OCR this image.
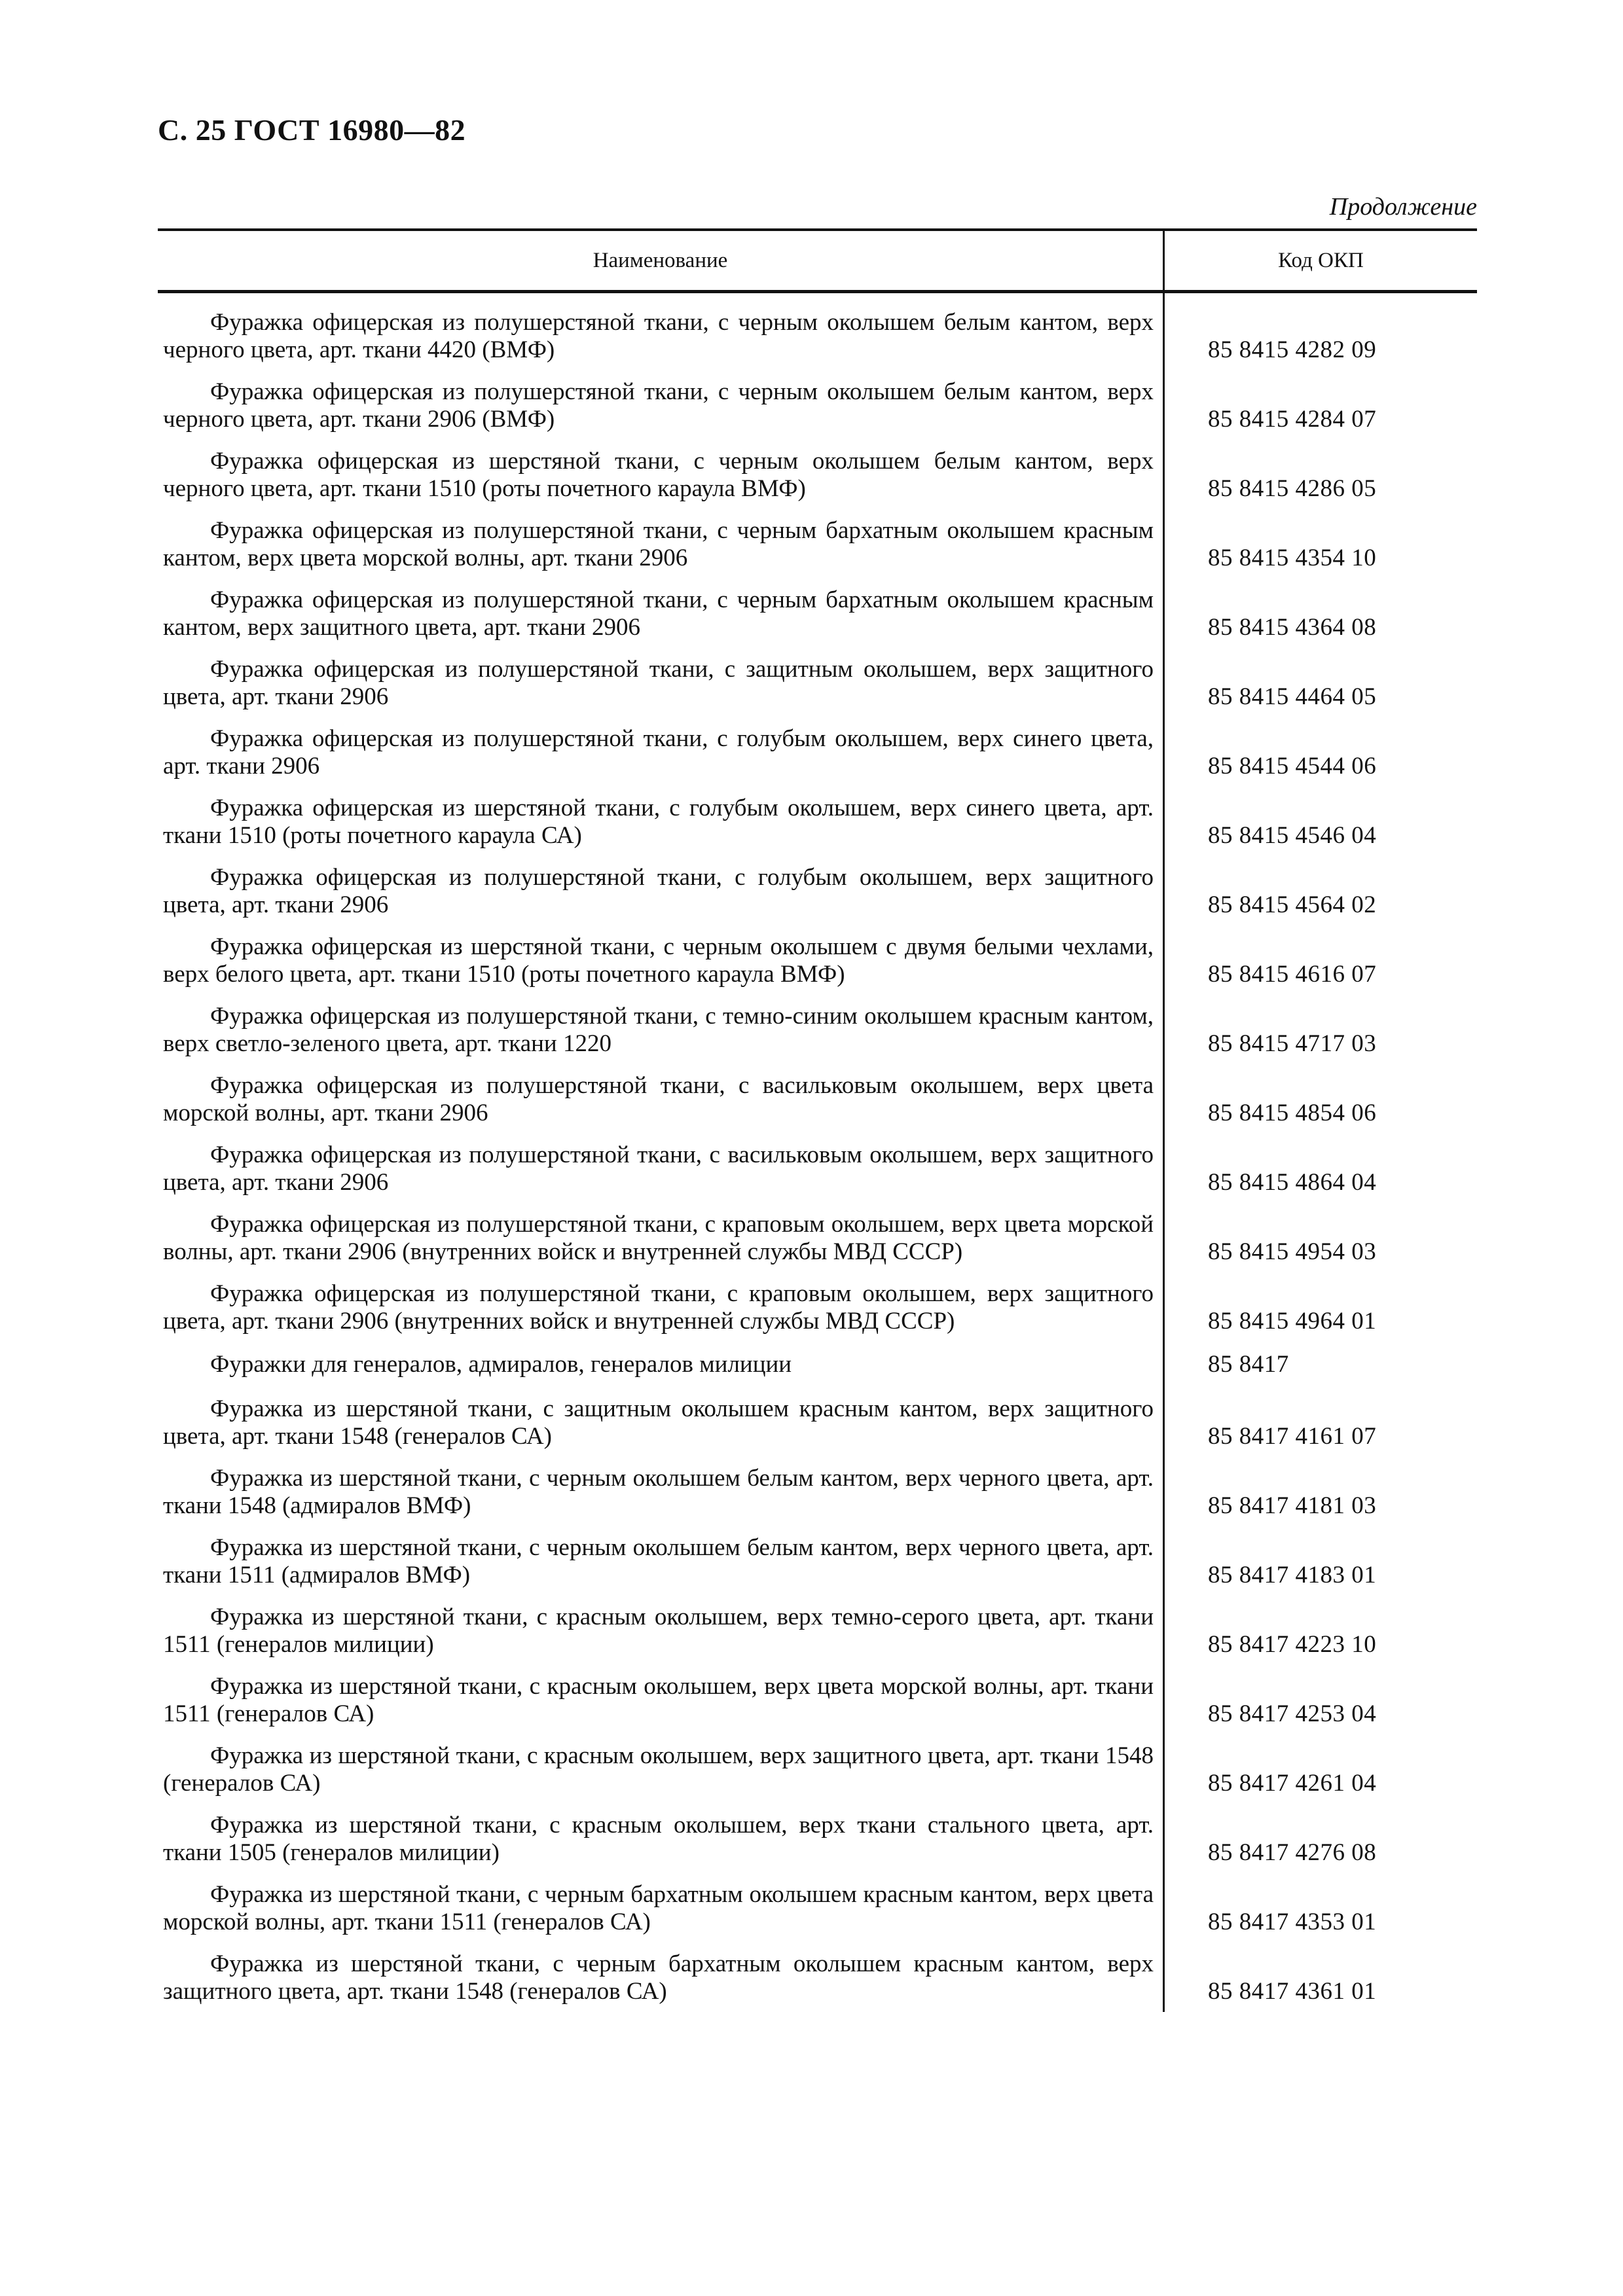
С. 25 ГОСТ 16980—82
Продолжение
Наименование	Код ОКП
Фуражка офицерская из полушерстяной ткани, с черным околышем белым кантом, верх черного цвета, арт. ткани 4420 (ВМФ)	85 8415 4282 09
Фуражка офицерская из полушерстяной ткани, с черным околышем белым кантом, верх черного цвета, арт. ткани 2906 (ВМФ)	85 8415 4284 07
Фуражка офицерская из шерстяной ткани, с черным околышем белым кантом, верх черного цвета, арт. ткани 1510 (роты почетного караула ВМФ)	85 8415 4286 05
Фуражка офицерская из полушерстяной ткани, с черным бархатным околышем красным кантом, верх цвета морской волны, арт. ткани 2906	85 8415 4354 10
Фуражка офицерская из полушерстяной ткани, с черным бархатным околышем красным кантом, верх защитного цвета, арт. ткани 2906	85 8415 4364 08
Фуражка офицерская из полушерстяной ткани, с защитным околышем, верх защитного цвета, арт. ткани 2906	85 8415 4464 05
Фуражка офицерская из полушерстяной ткани, с голубым околышем, верх синего цвета, арт. ткани 2906	85 8415 4544 06
Фуражка офицерская из шерстяной ткани, с голубым околышем, верх синего цвета, арт. ткани 1510 (роты почетного караула СА)	85 8415 4546 04
Фуражка офицерская из полушерстяной ткани, с голубым околышем, верх защитного цвета, арт. ткани 2906	85 8415 4564 02
Фуражка офицерская из шерстяной ткани, с черным околышем с двумя белыми чехлами, верх белого цвета, арт. ткани 1510 (роты почетного караула ВМФ)	85 8415 4616 07
Фуражка офицерская из полушерстяной ткани, с темно-синим околышем красным кантом, верх светло-зеленого цвета, арт. ткани 1220	85 8415 4717 03
Фуражка офицерская из полушерстяной ткани, с васильковым околышем, верх цвета морской волны, арт. ткани 2906	85 8415 4854 06
Фуражка офицерская из полушерстяной ткани, с васильковым околышем, верх защитного цвета, арт. ткани 2906	85 8415 4864 04
Фуражка офицерская из полушерстяной ткани, с краповым околышем, верх цвета морской волны, арт. ткани 2906 (внутренних войск и внутренней службы МВД СССР)	85 8415 4954 03
Фуражка офицерская из полушерстяной ткани, с краповым околышем, верх защитного цвета, арт. ткани 2906 (внутренних войск и внутренней службы МВД СССР)	85 8415 4964 01
Фуражки для генералов, адмиралов, генералов милиции	85 8417
Фуражка из шерстяной ткани, с защитным околышем красным кантом, верх защитного цвета, арт. ткани 1548 (генералов СА)	85 8417 4161 07
Фуражка из шерстяной ткани, с черным околышем белым кантом, верх черного цвета, арт. ткани 1548 (адмиралов ВМФ)	85 8417 4181 03
Фуражка из шерстяной ткани, с черным околышем белым кантом, верх черного цвета, арт. ткани 1511 (адмиралов ВМФ)	85 8417 4183 01
Фуражка из шерстяной ткани, с красным околышем, верх темно-серого цвета, арт. ткани 1511 (генералов милиции)	85 8417 4223 10
Фуражка из шерстяной ткани, с красным околышем, верх цвета морской волны, арт. ткани 1511 (генералов СА)	85 8417 4253 04
Фуражка из шерстяной ткани, с красным околышем, верх защитного цвета, арт. ткани 1548 (генералов СА)	85 8417 4261 04
Фуражка из шерстяной ткани, с красным околышем, верх ткани стального цвета, арт. ткани 1505 (генералов милиции)	85 8417 4276 08
Фуражка из шерстяной ткани, с черным бархатным околышем красным кантом, верх цвета морской волны, арт. ткани 1511 (генералов СА)	85 8417 4353 01
Фуражка из шерстяной ткани, с черным бархатным околышем красным кантом, верх защитного цвета, арт. ткани 1548 (генералов СА)	85 8417 4361 01
